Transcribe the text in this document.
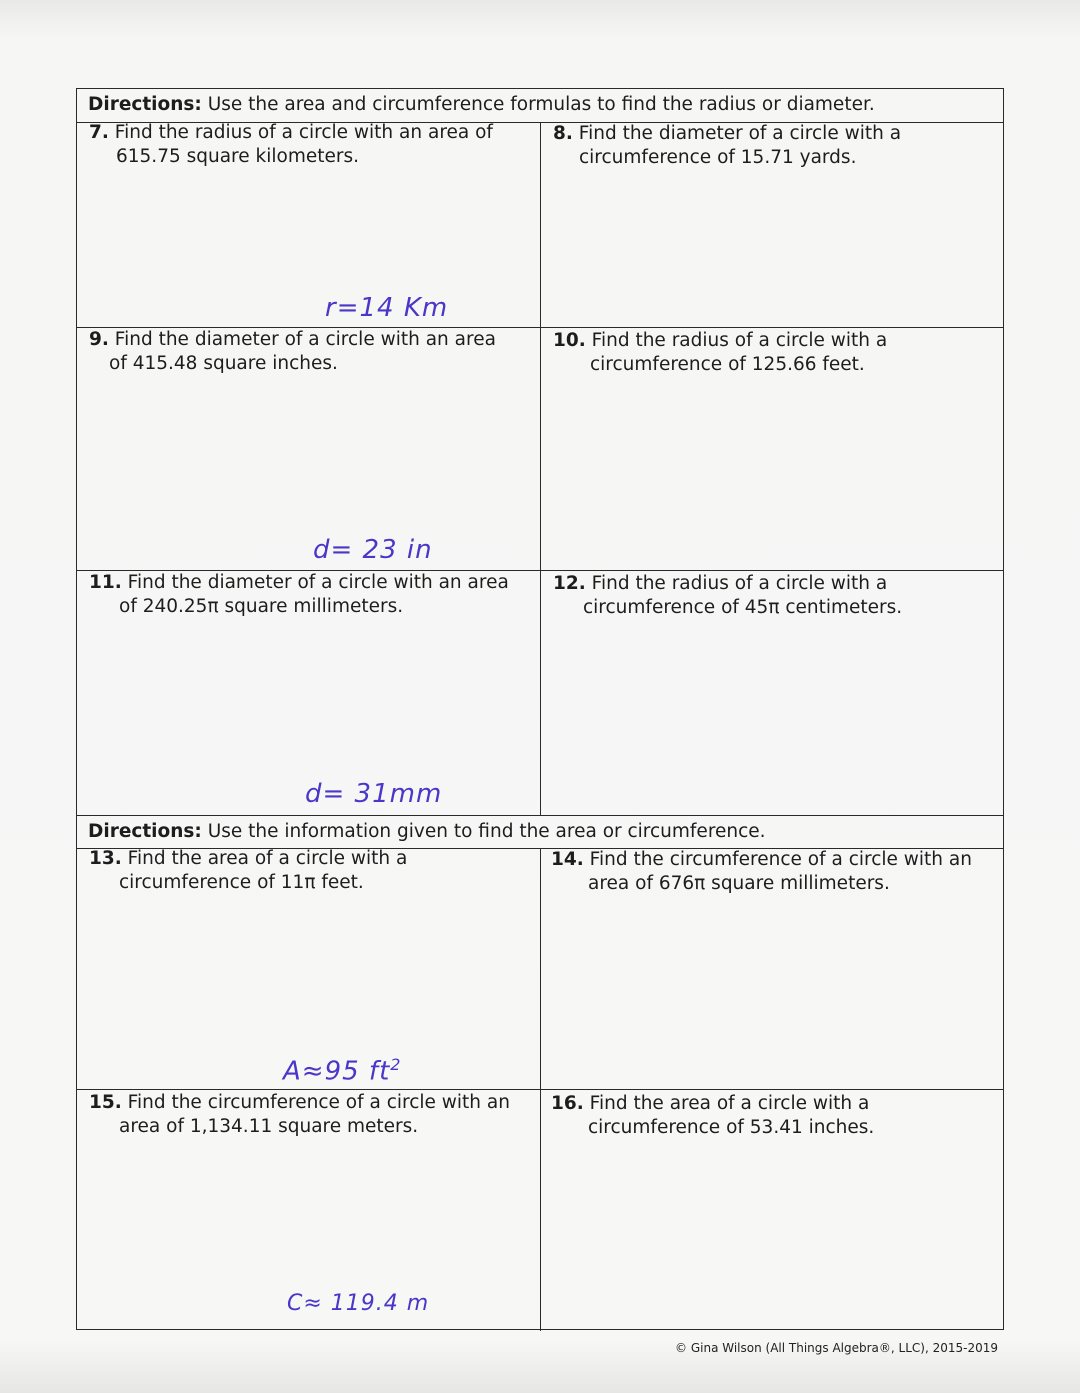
Directions: Use the area and circumference formulas to find the radius or diameter.
7. Find the radius of a circle with an area of
615.75 square kilometers.
r=14 Km
8. Find the diameter of a circle with a
circumference of 15.71 yards.
9. Find the diameter of a circle with an area
of 415.48 square inches.
d= 23 in
10. Find the radius of a circle with a
circumference of 125.66 feet.
11. Find the diameter of a circle with an area
of 240.25π square millimeters.
d= 31mm
12. Find the radius of a circle with a
circumference of 45π centimeters.
Directions: Use the information given to find the area or circumference.
13. Find the area of a circle with a
circumference of 11π feet.
A≈95 $ft^2$
14. Find the circumference of a circle with an
area of 676π square millimeters.
15. Find the circumference of a circle with an
area of 1,134.11 square meters.
C≈ 119.4 m
16. Find the area of a circle with a
circumference of 53.41 inches.
© Gina Wilson (All Things Algebra®, LLC), 2015-2019
